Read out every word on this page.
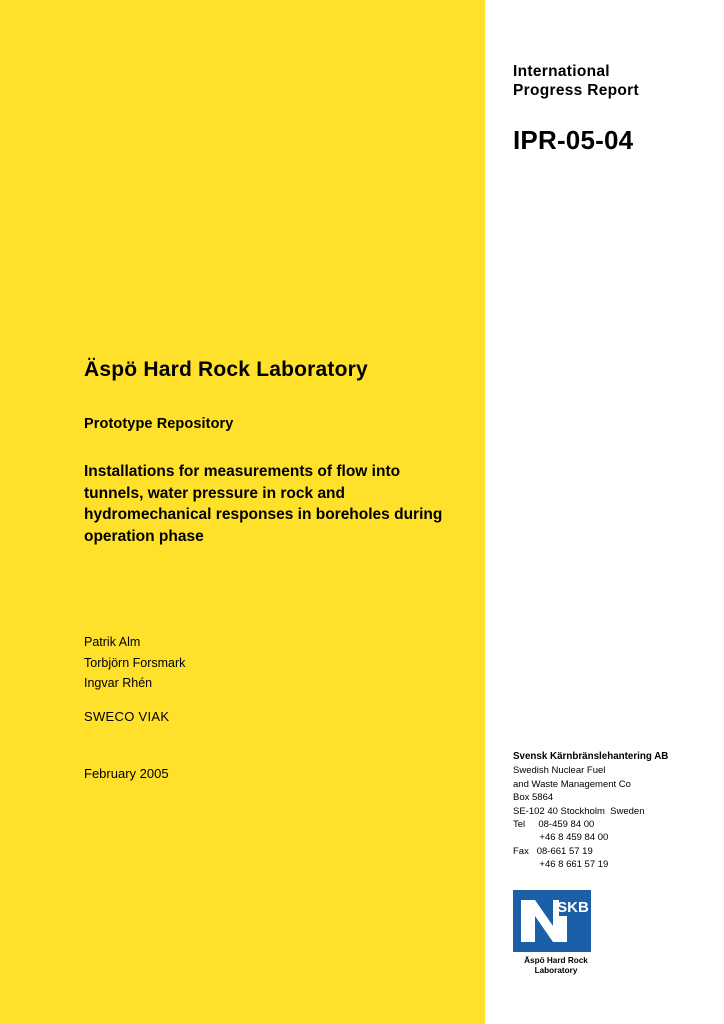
International
Progress Report
IPR-05-04
Äspö Hard Rock Laboratory
Prototype Repository
Installations for measurements of flow into tunnels, water pressure in rock and hydromechanical responses in boreholes during operation phase
Patrik Alm
Torbjörn Forsmark
Ingvar Rhén
SWECO VIAK
February 2005
Svensk Kärnbränslehantering AB
Swedish Nuclear Fuel
and Waste Management Co
Box 5864
SE-102 40 Stockholm  Sweden
Tel     08-459 84 00
+46 8 459 84 00
Fax   08-661 57 19
+46 8 661 57 19
SKB
Äspö Hard Rock
Laboratory
